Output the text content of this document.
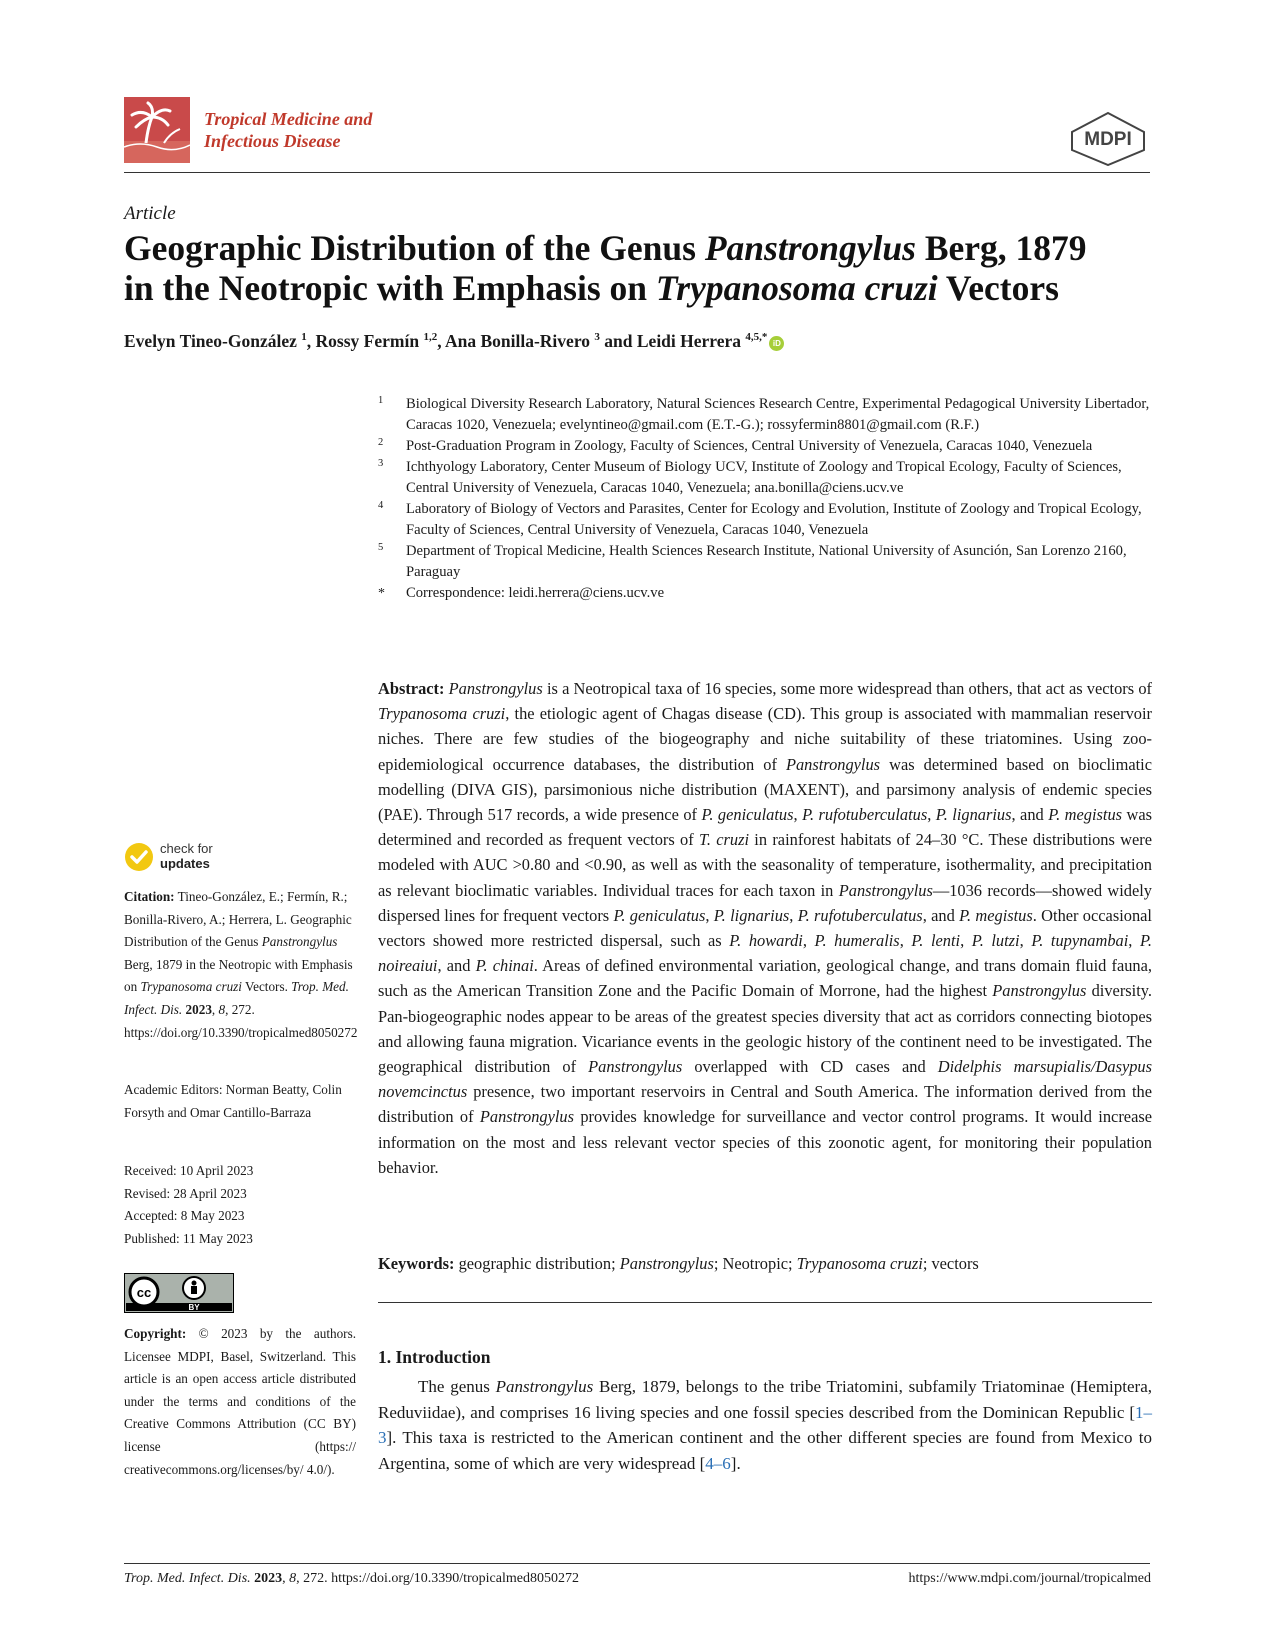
Tropical Medicine and
Infectious Disease	MDPI
Article
Geographic Distribution of the Genus Panstrongylus Berg, 1879
in the Neotropic with Emphasis on Trypanosoma cruzi Vectors
Evelyn Tineo-González $^1$, Rossy Fermín $^{1,2}$, Ana Bonilla-Rivero $^3$ and Leidi Herrera $^{4,5,*}$iD
1 Biological Diversity Research Laboratory, Natural Sciences Research Centre, Experimental Pedagogical University Libertador, Caracas 1020, Venezuela; evelyntineo@gmail.com (E.T.-G.); rossyfermin8801@gmail.com (R.F.)
2 Post-Graduation Program in Zoology, Faculty of Sciences, Central University of Venezuela, Caracas 1040, Venezuela
3 Ichthyology Laboratory, Center Museum of Biology UCV, Institute of Zoology and Tropical Ecology, Faculty of Sciences, Central University of Venezuela, Caracas 1040, Venezuela; ana.bonilla@ciens.ucv.ve
4 Laboratory of Biology of Vectors and Parasites, Center for Ecology and Evolution, Institute of Zoology and Tropical Ecology, Faculty of Sciences, Central University of Venezuela, Caracas 1040, Venezuela
5 Department of Tropical Medicine, Health Sciences Research Institute, National University of Asunción, San Lorenzo 2160, Paraguay
* Correspondence: leidi.herrera@ciens.ucv.ve
Abstract: Panstrongylus is a Neotropical taxa of 16 species, some more widespread than others, that act as vectors of Trypanosoma cruzi, the etiologic agent of Chagas disease (CD). This group is associated with mammalian reservoir niches. There are few studies of the biogeography and niche suitability of these triatomines. Using zoo-epidemiological occurrence databases, the distribution of Panstrongylus was determined based on bioclimatic modelling (DIVA GIS), parsimonious niche distribution (MAXENT), and parsimony analysis of endemic species (PAE). Through 517 records, a wide presence of P. geniculatus, P. rufotuberculatus, P. lignarius, and P. megistus was determined and recorded as frequent vectors of T. cruzi in rainforest habitats of 24–30 °C. These distributions were modeled with AUC >0.80 and <0.90, as well as with the seasonality of temperature, isothermality, and precipitation as relevant bioclimatic variables. Individual traces for each taxon in Panstrongylus—1036 records—showed widely dispersed lines for frequent vectors P. geniculatus, P. lignarius, P. rufotuberculatus, and P. megistus. Other occasional vectors showed more restricted dispersal, such as P. howardi, P. humeralis, P. lenti, P. lutzi, P. tupynambai, P. noireaiui, and P. chinai. Areas of defined environmental variation, geological change, and trans domain fluid fauna, such as the American Transition Zone and the Pacific Domain of Morrone, had the highest Panstrongylus diversity. Pan-biogeographic nodes appear to be areas of the greatest species diversity that act as corridors connecting biotopes and allowing fauna migration. Vicariance events in the geologic history of the continent need to be investigated. The geographical distribution of Panstrongylus overlapped with CD cases and Didelphis marsupialis/Dasypus novemcinctus presence, two important reservoirs in Central and South America. The information derived from the distribution of Panstrongylus provides knowledge for surveillance and vector control programs. It would increase information on the most and less relevant vector species of this zoonotic agent, for monitoring their population behavior.
Keywords: geographic distribution; Panstrongylus; Neotropic; Trypanosoma cruzi; vectors
1. Introduction
The genus Panstrongylus Berg, 1879, belongs to the tribe Triatomini, subfamily Triatominae (Hemiptera, Reduviidae), and comprises 16 living species and one fossil species described from the Dominican Republic [1–3]. This taxa is restricted to the American continent and the other different species are found from Mexico to Argentina, some of which are very widespread [4–6].
check for
updates
Citation: Tineo-González, E.; Fermín, R.; Bonilla-Rivero, A.; Herrera, L. Geographic Distribution of the Genus Panstrongylus Berg, 1879 in the Neotropic with Emphasis on Trypanosoma cruzi Vectors. Trop. Med. Infect. Dis. 2023, 8, 272. https://doi.org/10.3390/tropicalmed8050272
Academic Editors: Norman Beatty, Colin Forsyth and Omar Cantillo-Barraza
Received: 10 April 2023
Revised: 28 April 2023
Accepted: 8 May 2023
Published: 11 May 2023
cc
BY
Copyright: © 2023 by the authors. Licensee MDPI, Basel, Switzerland. This article is an open access article distributed under the terms and conditions of the Creative Commons Attribution (CC BY) license (https:// creativecommons.org/licenses/by/ 4.0/).
Trop. Med. Infect. Dis. 2023, 8, 272. https://doi.org/10.3390/tropicalmed8050272	https://www.mdpi.com/journal/tropicalmed
